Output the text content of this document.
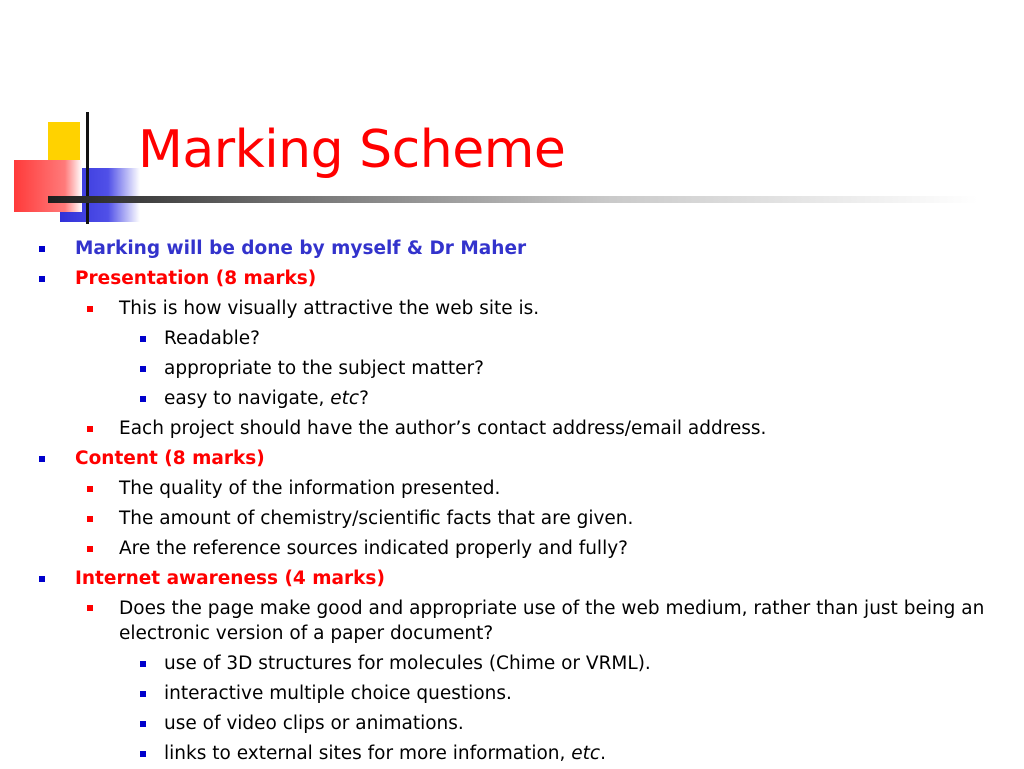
Marking Scheme
Marking will be done by myself & Dr Maher
Presentation (8 marks)
This is how visually attractive the web site is.
Readable?
appropriate to the subject matter?
easy to navigate, etc?
Each project should have the author’s contact address/email address.
Content (8 marks)
The quality of the information presented.
The amount of chemistry/scientific facts that are given.
Are the reference sources indicated properly and fully?
Internet awareness (4 marks)
Does the page make good and appropriate use of the web medium, rather than just being an electronic version of a paper document?
use of 3D structures for molecules (Chime or VRML).
interactive multiple choice questions.
use of video clips or animations.
links to external sites for more information, etc.
